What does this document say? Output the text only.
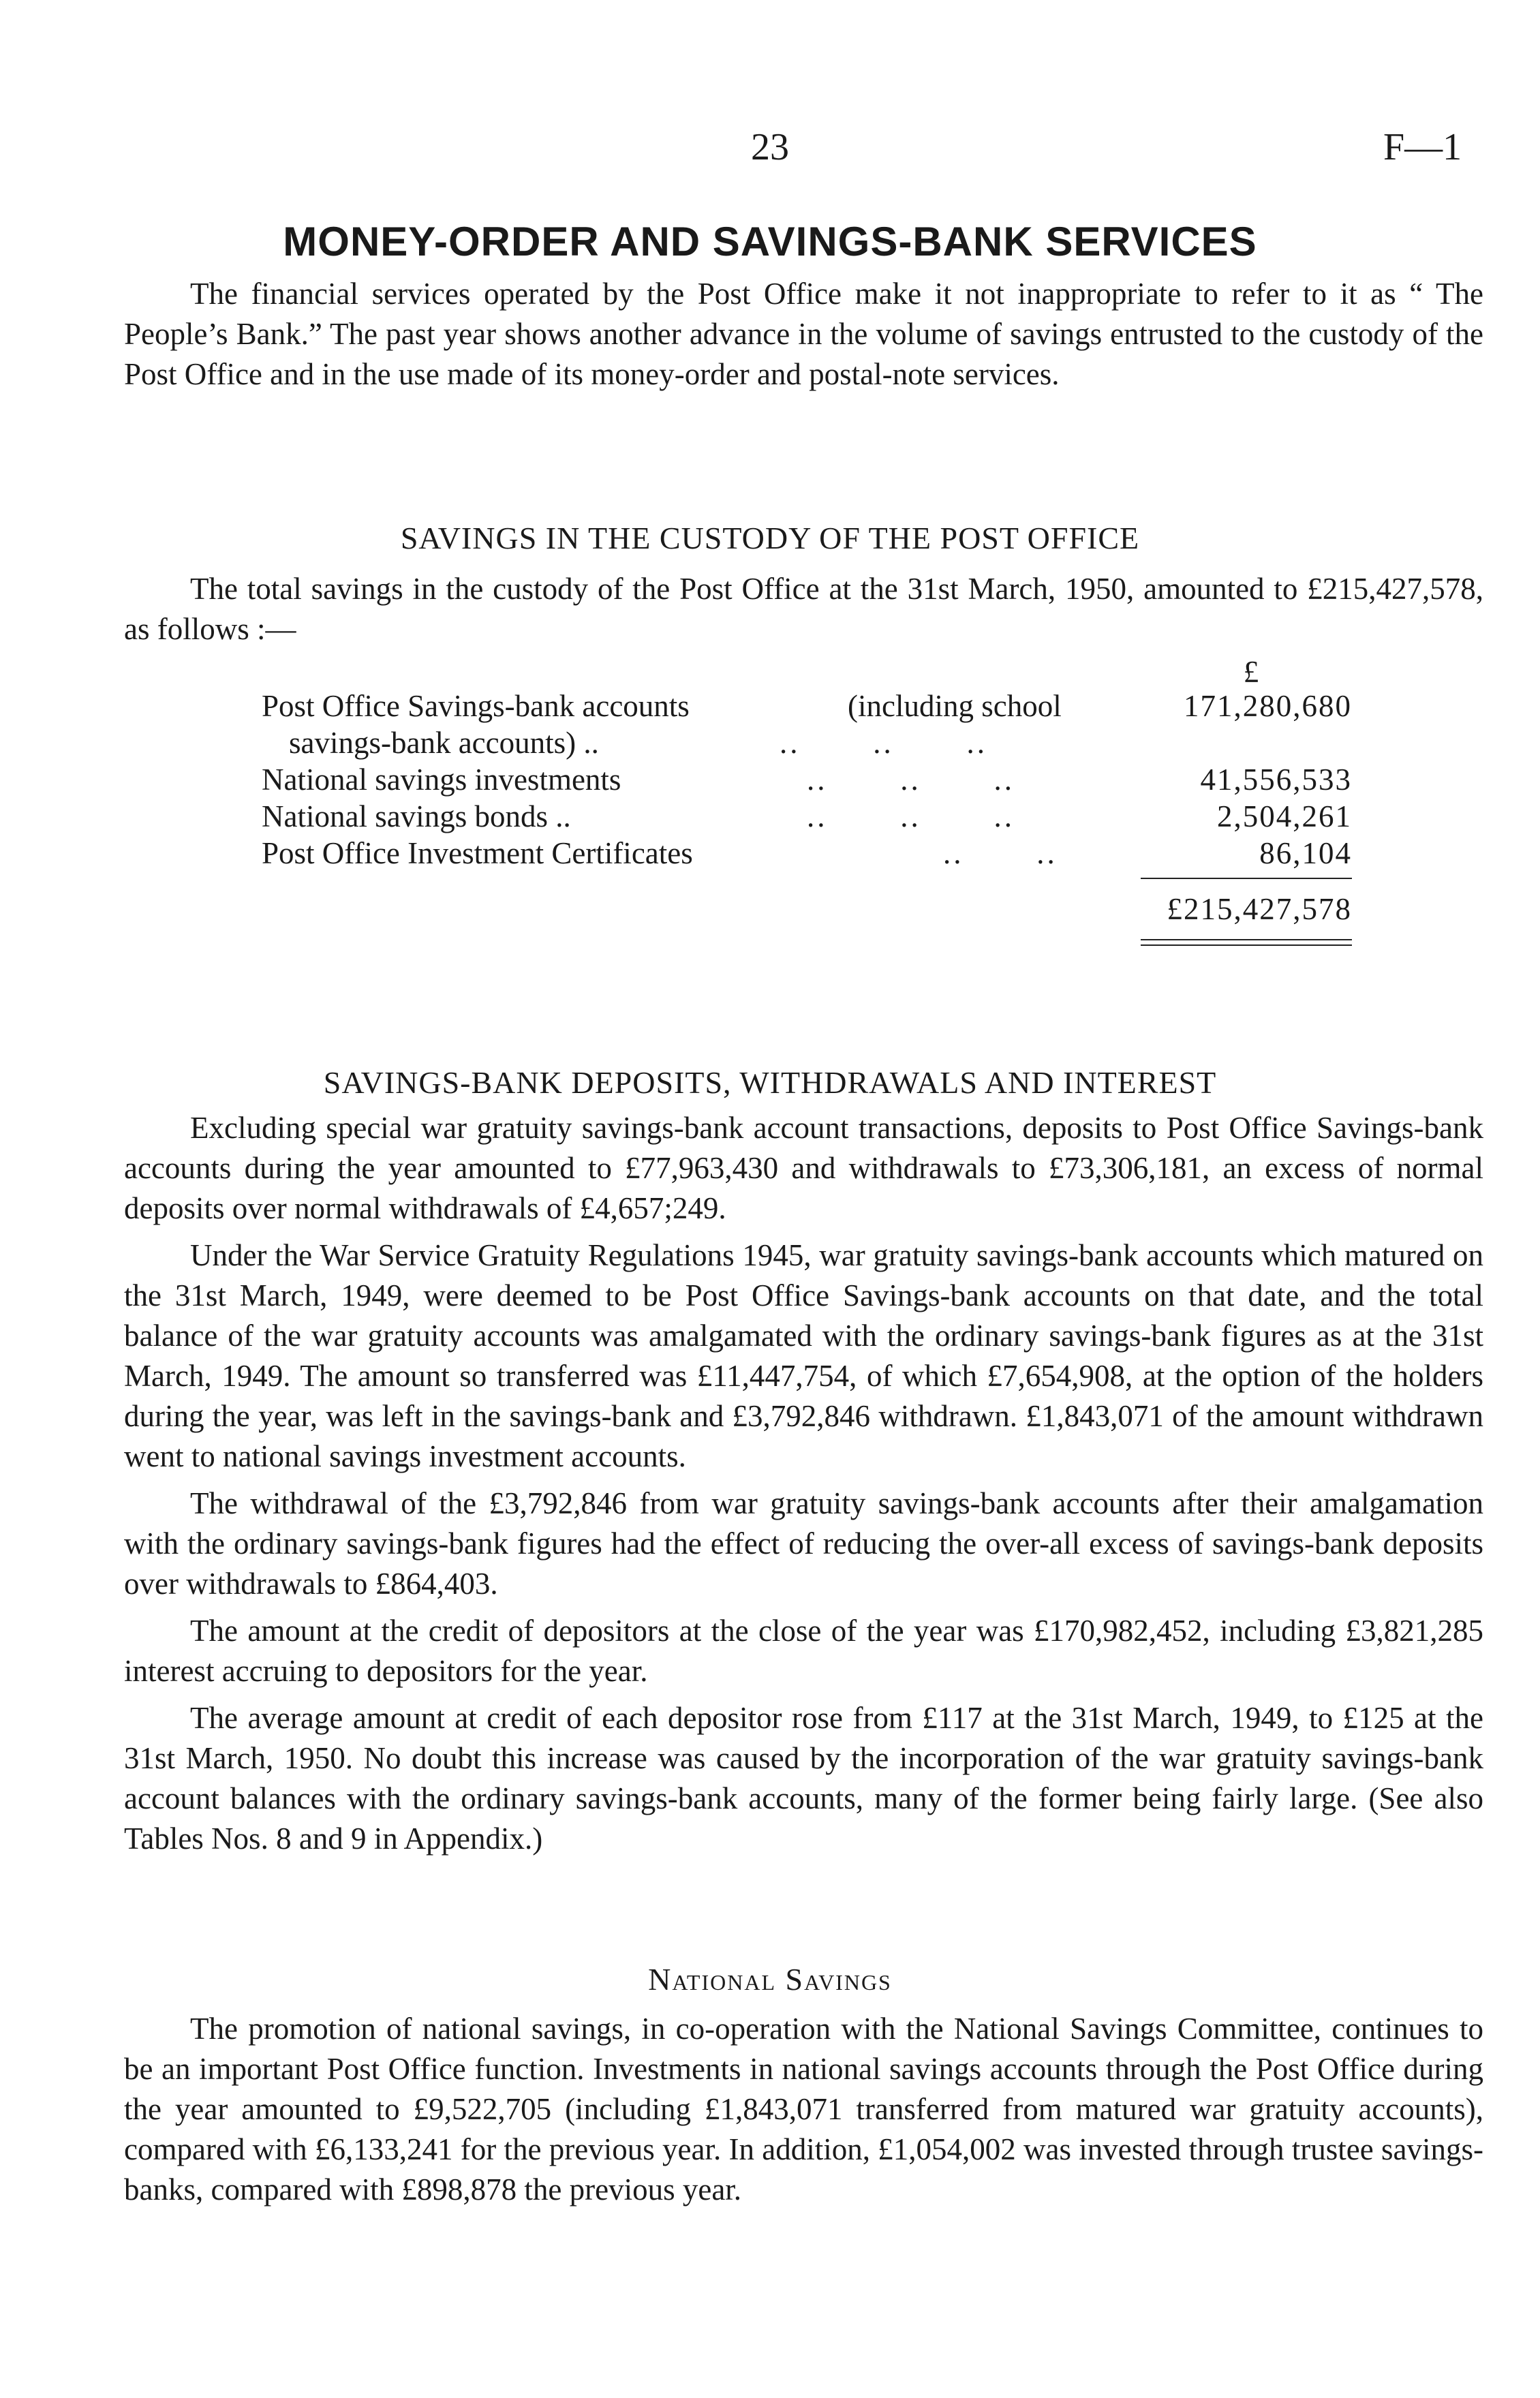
23	F—1
MONEY-ORDER AND SAVINGS-BANK SERVICES

The financial services operated by the Post Office make it not inappropriate to refer to it as “ The People’s Bank.” The past year shows another advance in the volume of savings entrusted to the custody of the Post Office and in the use made of its money-order and postal-note services.

SAVINGS IN THE CUSTODY OF THE POST OFFICE

The total savings in the custody of the Post Office at the 31st March, 1950, amounted to £215,427,578, as follows :—

£
Post Office Savings-bank accounts	(including school	171,280,680
savings-bank accounts) ..	..       ..       ..
National savings investments	..       ..       ..	41,556,533
National savings bonds ..	..       ..       ..	2,504,261
Post Office Investment Certificates	..       ..	86,104
£215,427,578
SAVINGS-BANK DEPOSITS, WITHDRAWALS AND INTEREST

Excluding special war gratuity savings-bank account transactions, deposits to Post Office Savings-bank accounts during the year amounted to £77,963,430 and withdrawals to £73,306,181, an excess of normal deposits over normal withdrawals of £4,657;249.

Under the War Service Gratuity Regulations 1945, war gratuity savings-bank accounts which matured on the 31st March, 1949, were deemed to be Post Office Savings-bank accounts on that date, and the total balance of the war gratuity accounts was amalgamated with the ordinary savings-bank figures as at the 31st March, 1949. The amount so transferred was £11,447,754, of which £7,654,908, at the option of the holders during the year, was left in the savings-bank and £3,792,846 withdrawn. £1,843,071 of the amount withdrawn went to national savings investment accounts.

The withdrawal of the £3,792,846 from war gratuity savings-bank accounts after their amalgamation with the ordinary savings-bank figures had the effect of reducing the over-all excess of savings-bank deposits over withdrawals to £864,403.

The amount at the credit of depositors at the close of the year was £170,982,452, including £3,821,285 interest accruing to depositors for the year.

The average amount at credit of each depositor rose from £117 at the 31st March, 1949, to £125 at the 31st March, 1950. No doubt this increase was caused by the incorporation of the war gratuity savings-bank account balances with the ordinary savings-bank accounts, many of the former being fairly large. (See also Tables Nos. 8 and 9 in Appendix.)

National Savings

The promotion of national savings, in co-operation with the National Savings Committee, continues to be an important Post Office function. Investments in national savings accounts through the Post Office during the year amounted to £9,522,705 (including £1,843,071 transferred from matured war gratuity accounts), compared with £6,133,241 for the previous year. In addition, £1,054,002 was invested through trustee savings-banks, compared with £898,878 the previous year.
